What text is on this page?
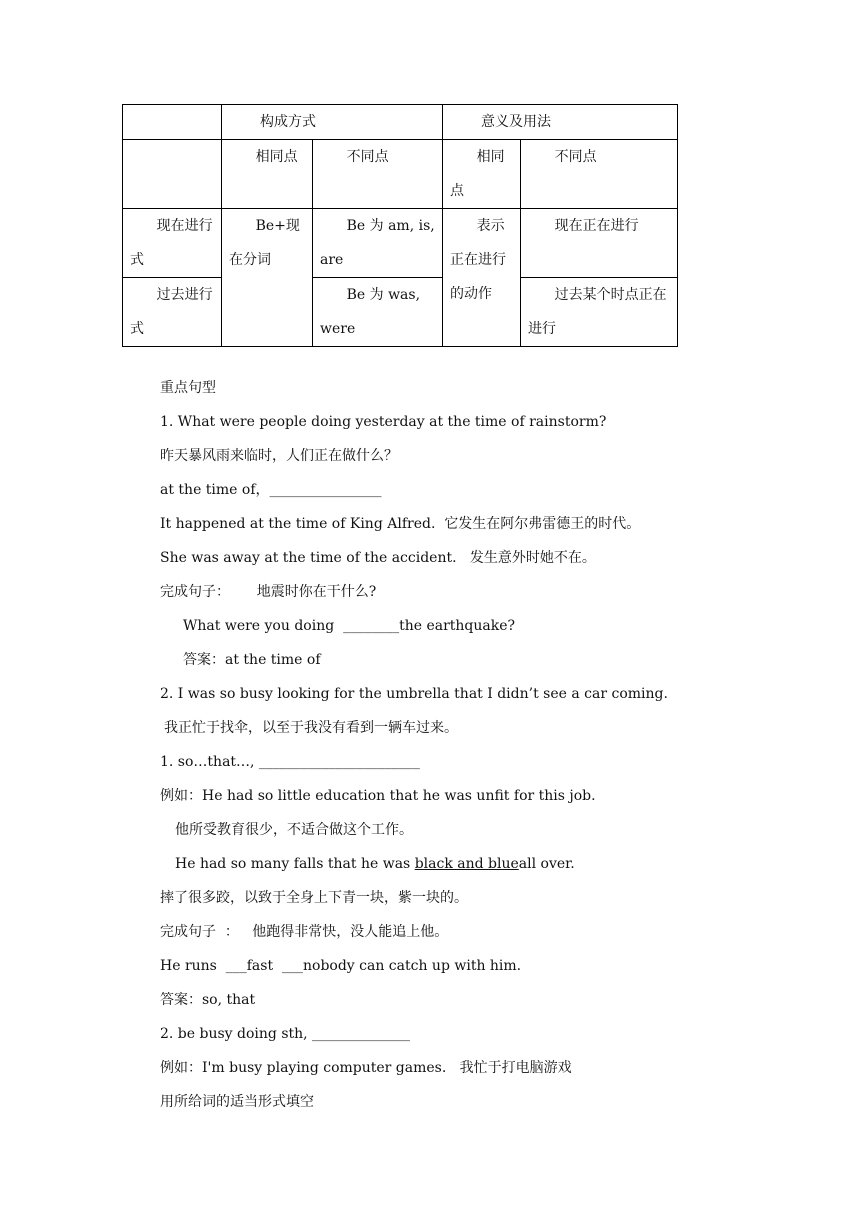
	构成方式		意义及用法	
	相同点	不同点	相同点	不同点
现在进行式	Be+现在分词	Be 为 am, is, are	表示正在进行的动作	现在正在进行
过去进行式		Be 为 was, were		过去某个时点正在进行
重点句型
1. What were people doing yesterday at the time of rainstorm?
昨天暴风雨来临时，人们正在做什么？
at the time of，________________
It happened at the time of King Alfred.  它发生在阿尔弗雷德王的时代。
She was away at the time of the accident.   发生意外时她不在。
完成句子：      地震时你在干什么?
What were you doing  ________the earthquake?
答案：at the time of
2. I was so busy looking for the umbrella that I didn’t see a car coming.
我正忙于找伞，以至于我没有看到一辆车过来。
1. so…that…, _______________________
例如：He had so little education that he was unfit for this job.
他所受教育很少，不适合做这个工作。
He had so many falls that he was black and blueall over.
摔了很多跤，以致于全身上下青一块，紫一块的。
完成句子  ：   他跑得非常快，没人能追上他。
He runs  ___fast  ___nobody can catch up with him.
答案：so, that
2. be busy doing sth, ______________
例如：I'm busy playing computer games.   我忙于打电脑游戏
用所给词的适当形式填空
